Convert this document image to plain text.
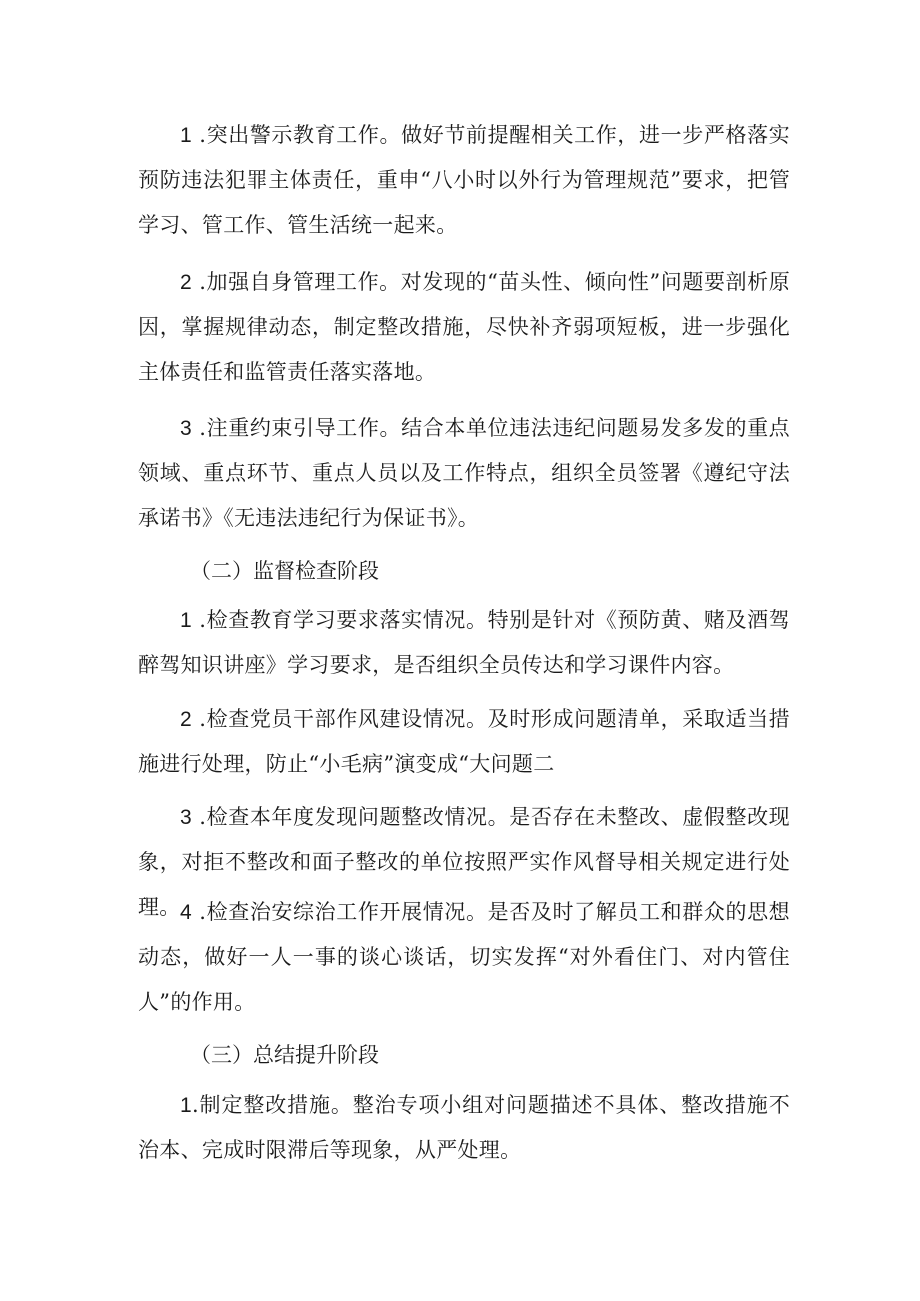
1 .突出警示教育工作。做好节前提醒相关工作，进一步严格落实预防违法犯罪主体责任，重申“八小时以外行为管理规范”要求，把管学习、管工作、管生活统一起来。

2 .加强自身管理工作。对发现的“苗头性、倾向性”问题要剖析原因，掌握规律动态，制定整改措施，尽快补齐弱项短板，进一步强化主体责任和监管责任落实落地。

3 .注重约束引导工作。结合本单位违法违纪问题易发多发的重点领域、重点环节、重点人员以及工作特点，组织全员签署《遵纪守法承诺书》《无违法违纪行为保证书》。

（二）监督检查阶段

1 .检查教育学习要求落实情况。特别是针对《预防黄、赌及酒驾醉驾知识讲座》学习要求，是否组织全员传达和学习课件内容。

2 .检查党员干部作风建设情况。及时形成问题清单，采取适当措施进行处理，防止“小毛病”演变成“大问题二

3 .检查本年度发现问题整改情况。是否存在未整改、虚假整改现象，对拒不整改和面子整改的单位按照严实作风督导相关规定进行处理。 4 .检查治安综治工作开展情况。是否及时了解员工和群众的思想动态，做好一人一事的谈心谈话，切实发挥“对外看住门、对内管住人”的作用。

（三）总结提升阶段

1.制定整改措施。整治专项小组对问题描述不具体、整改措施不治本、完成时限滞后等现象，从严处理。
